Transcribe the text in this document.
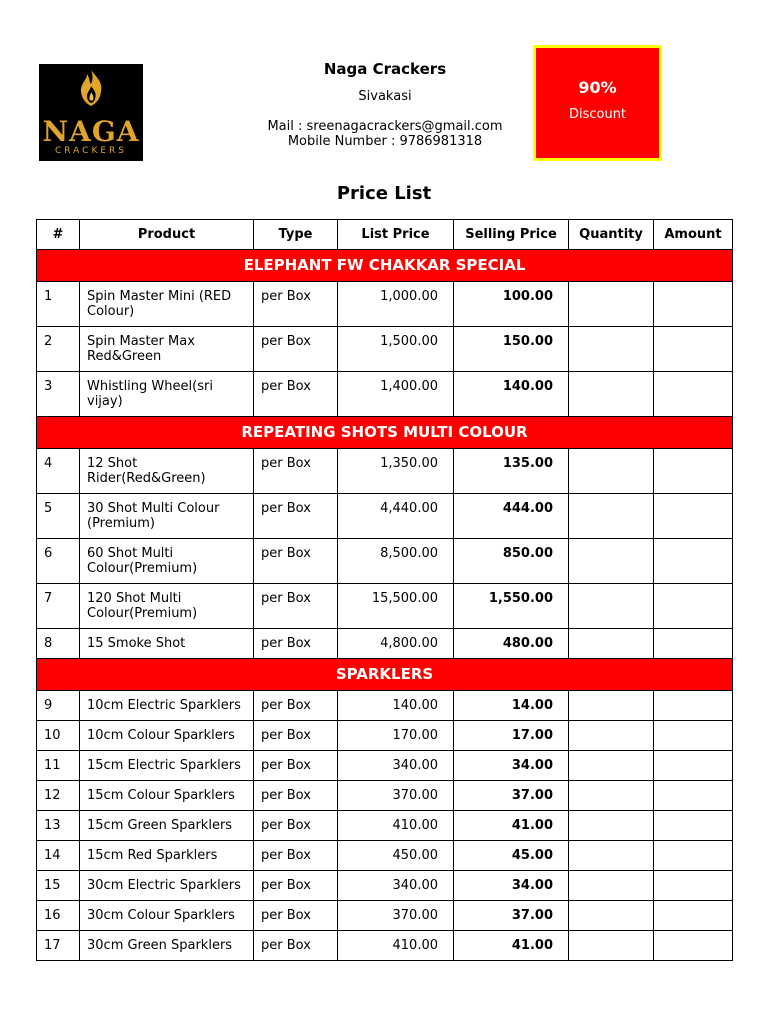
NAGA
CRACKERS
Naga Crackers
Sivakasi
Mail : sreenagacrackers@gmail.com
Mobile Number : 9786981318
90%
Discount
Price List
#	Product	Type	List Price	Selling Price	Quantity	Amount
ELEPHANT FW CHAKKAR SPECIAL						
1	Spin Master Mini (RED Colour)	per Box	1,000.00	100.00		
2	Spin Master Max Red&Green	per Box	1,500.00	150.00		
3	Whistling Wheel(sri vijay)	per Box	1,400.00	140.00		
REPEATING SHOTS MULTI COLOUR						
4	12 Shot Rider(Red&Green)	per Box	1,350.00	135.00		
5	30 Shot Multi Colour (Premium)	per Box	4,440.00	444.00		
6	60 Shot Multi Colour(Premium)	per Box	8,500.00	850.00		
7	120 Shot Multi Colour(Premium)	per Box	15,500.00	1,550.00		
8	15 Smoke Shot	per Box	4,800.00	480.00		
SPARKLERS						
9	10cm Electric Sparklers	per Box	140.00	14.00		
10	10cm Colour Sparklers	per Box	170.00	17.00		
11	15cm Electric Sparklers	per Box	340.00	34.00		
12	15cm Colour Sparklers	per Box	370.00	37.00		
13	15cm Green Sparklers	per Box	410.00	41.00		
14	15cm Red Sparklers	per Box	450.00	45.00		
15	30cm Electric Sparklers	per Box	340.00	34.00		
16	30cm Colour Sparklers	per Box	370.00	37.00		
17	30cm Green Sparklers	per Box	410.00	41.00		
